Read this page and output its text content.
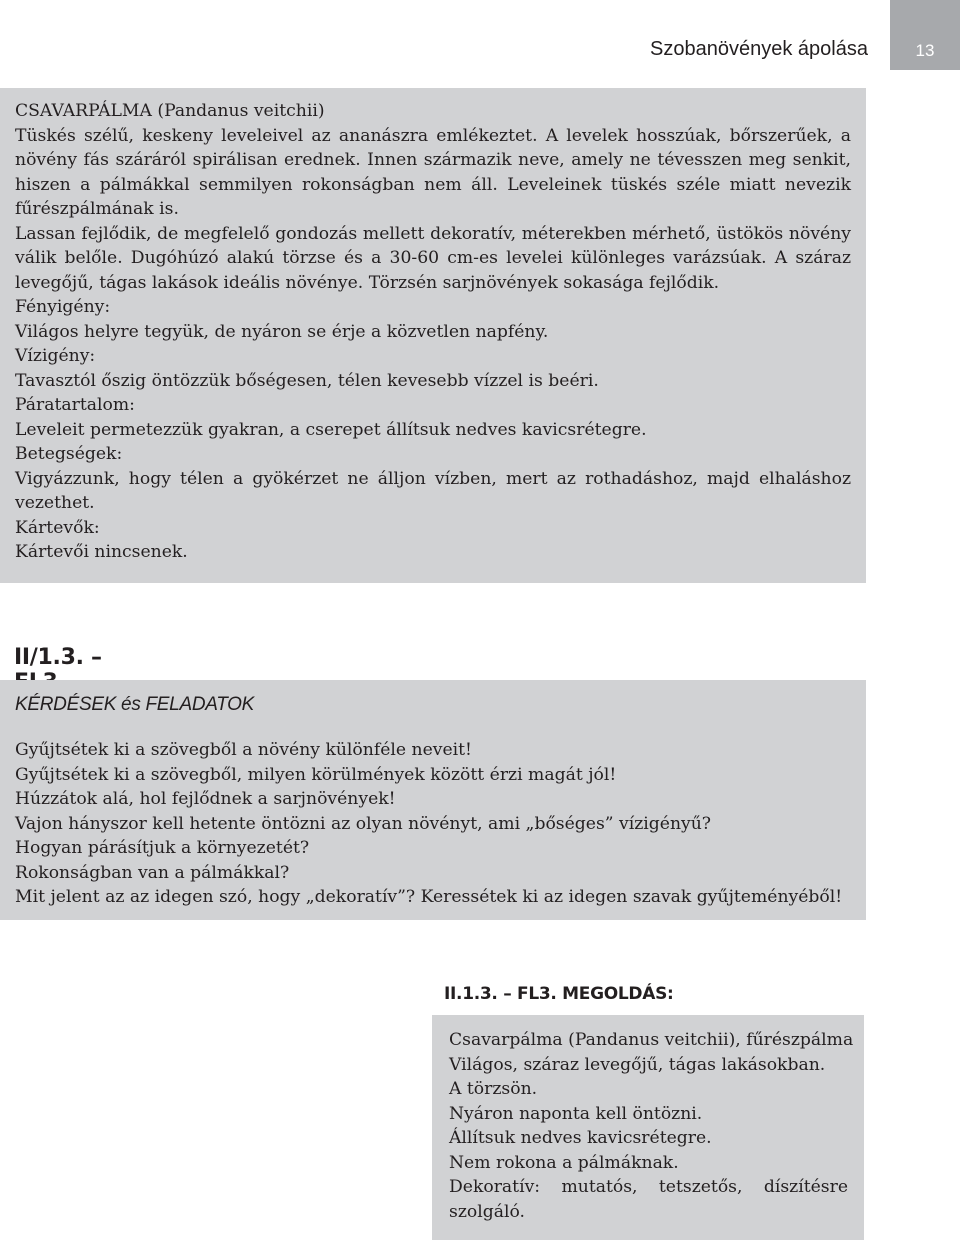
Szobanövények ápolása	13

CSAVARPÁLMA (Pandanus veitchii)

Tüskés szélű, keskeny leveleivel az ananászra emlékeztet. A levelek hosszúak, bőrszerűek, a növény fás száráról spirálisan erednek. Innen származik neve, amely ne tévesszen meg senkit, hiszen a pálmákkal semmilyen rokonságban nem áll. Leveleinek tüskés széle miatt nevezik fűrészpálmának is.

Lassan fejlődik, de megfelelő gondozás mellett dekoratív, méterekben mérhető, üstökös növény válik belőle. Dugóhúzó alakú törzse és a 30-60 cm-es levelei különleges varázsúak. A száraz levegőjű, tágas lakások ideális növénye. Törzsén sarjnövények sokasága fejlődik.

Fényigény:

Világos helyre tegyük, de nyáron se érje a közvetlen napfény.

Vízigény:

Tavasztól őszig öntözzük bőségesen, télen kevesebb vízzel is beéri.

Páratartalom:

Leveleit permetezzük gyakran, a cserepet állítsuk nedves kavicsrétegre.

Betegségek:

Vigyázzunk, hogy télen a gyökérzet ne álljon vízben, mert az rothadáshoz, majd elhaláshoz vezethet.

Kártevők:

Kártevői nincsenek.

II/1.3. –

KÉRDÉSEK és FELADATOK

Gyűjtsétek ki a szövegből a növény különféle neveit!

Gyűjtsétek ki a szövegből, milyen körülmények között érzi magát jól!

Húzzátok alá, hol fejlődnek a sarjnövények!

Vajon hányszor kell hetente öntözni az olyan növényt, ami „bőséges” vízigényű?

Hogyan párásítjuk a környezetét?

Rokonságban van a pálmákkal?

Mit jelent az az idegen szó, hogy „dekoratív”? Keressétek ki az idegen szavak gyűjteményéből!

II.1.3. – FL3. MEGOLDÁS:

Csavarpálma (Pandanus veitchii), fűrészpálma

Világos, száraz levegőjű, tágas lakásokban.

A törzsön.

Nyáron naponta kell öntözni.

Állítsuk nedves kavicsrétegre.

Nem rokona a pálmáknak.

Dekoratív: mutatós, tetszetős, díszítésre szolgáló.
